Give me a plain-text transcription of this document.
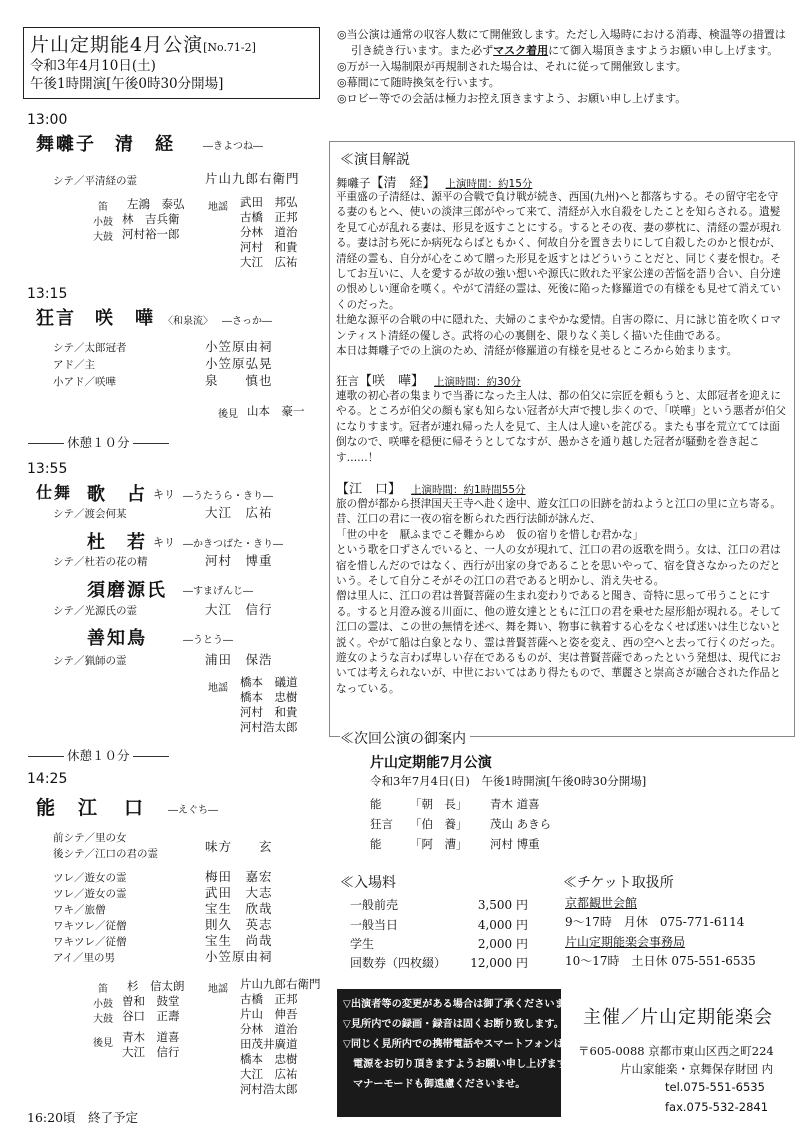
片山定期能4月公演[No.71-2]
令和3年4月10日(土)
午後1時開演[午後0時30分開場]
13:00
舞囃子 清　経	―きよつね―
シテ／平清経の霊	片山九郎右衛門
笛 左鴻　泰弘
小鼓 林　吉兵衛
大鼓 河村裕一郎
地謡 武田　邦弘
古橋　正邦
分林　道治
河村　和貴
大江　広祐
13:15
狂言 咲　嘩 〈和泉流〉 ―さっか―
シテ／太郎冠者	小笠原由祠
アド／主	小笠原弘晃
小アド／咲嘩	泉　　慎也
後見 山本　豪一
休憩１０分
13:55
仕舞 歌　占 キリ ―うたうら・きり―
シテ／渡会何某	大江　広祐
杜　若 キリ ―かきつばた・きり―
シテ／杜若の花の精	河村　博重
須磨源氏 ―すまげんじ―
シテ／光源氏の霊	大江　信行
善知鳥	―うとう―
シテ／猟師の霊	浦田　保浩
地謡 橋本　礒道
橋本　忠樹
河村　和貴
河村浩太郎
休憩１０分
14:25
能 江　口 ―えぐち―
前シテ／里の女
後シテ／江口の君の霊	味方　　玄
ツレ／遊女の霊	梅田　嘉宏
ツレ／遊女の霊	武田　大志
ワキ／旅僧	宝生　欣哉
ワキツレ／従僧	則久　英志
ワキツレ／従僧	宝生　尚哉
アイ／里の男	小笠原由祠
笛 杉　信太朗
小鼓 曽和　鼓堂
大鼓 谷口　正壽
後見 青木　道喜
大江　信行
地謡 片山九郎右衛門
古橋　正邦
片山　伸吾
分林　道治
田茂井廣道
橋本　忠樹
大江　広祐
河村浩太郎
16:20頃　終了予定

◎当公演は通常の収容人数にて開催致します。ただし入場時における消毒、検温等の措置は

引き続き行います。また必ずマスク着用にて御入場頂きますようお願い申し上げます。

◎万が一入場制限が再規制された場合は、それに従って開催致します。

◎幕間にて随時換気を行います。

◎ロビー等での会話は極力お控え頂きますよう、お願い申し上げます。

≪演目解説
舞囃子【清　経】 上演時間：約15分

平重盛の子清経は、源平の合戦で負け戦が続き、西国(九州)へと都落ちする。その留守宅を守る妻のもとへ、使いの淡津三郎がやって来て、清経が入水自殺をしたことを知らされる。遺髪を見て心が乱れる妻は、形見を返すことにする。するとその夜、妻の夢枕に、清経の霊が現れる。妻は討ち死にか病死ならばともかく、何故自分を置き去りにして自殺したのかと恨むが、清経の霊も、自分が心をこめて贈った形見を返すとはどういうことだと、同じく妻を恨む。そしてお互いに、人を愛するが故の強い想いや源氏に敗れた平家公達の苦悩を語り合い、自分達の恨めしい運命を嘆く。やがて清経の霊は、死後に陥った修羅道での有様をも見せて消えていくのだった。

壮絶な源平の合戦の中に隠れた、夫婦のこまやかな愛情。自害の際に、月に詠じ笛を吹くロマンティスト清経の優しさ。武将の心の裏側を、限りなく美しく描いた佳曲である。

本日は舞囃子での上演のため、清経が修羅道の有様を見せるところから始まります。

狂言【咲　嘩】 上演時間：約30分

連歌の初心者の集まりで当番になった主人は、都の伯父に宗匠を頼もうと、太郎冠者を迎えにやる。ところが伯父の顔も家も知らない冠者が大声で捜し歩くので、「咲嘩」という悪者が伯父になりすます。冠者が連れ帰った人を見て、主人は人違いを詫びる。またも事を荒立てては面倒なので、咲嘩を穏便に帰そうとしてなすが、愚かさを通り越した冠者が騒動を巻き起こす……！

【江　口】 上演時間：約1時間55分

旅の僧が都から摂津国天王寺へ赴く途中、遊女江口の旧跡を訪ねようと江口の里に立ち寄る。昔、江口の君に一夜の宿を断られた西行法師が詠んだ、

「世の中を　厭ふまでこそ難からめ　仮の宿りを惜しむ君かな」

という歌を口ずさんでいると、一人の女が現れて、江口の君の返歌を問う。女は、江口の君は宿を惜しんだのではなく、西行が出家の身であることを思いやって、宿を貸さなかったのだという。そして自分こそがその江口の君であると明かし、消え失せる。

僧は里人に、江口の君は普賢菩薩の生まれ変わりであると聞き、奇特に思って弔うことにする。すると月澄み渡る川面に、他の遊女達とともに江口の君を乗せた屋形船が現れる。そして江口の霊は、この世の無情を述べ、舞を舞い、物事に執着する心をなくせば迷いは生じないと説く。やがて船は白象となり、霊は普賢菩薩へと姿を変え、西の空へと去って行くのだった。

遊女のような言わば卑しい存在であるものが、実は普賢菩薩であったという発想は、現代においては考えられないが、中世においてはあり得たもので、華麗さと崇高さが融合された作品となっている。

≪次回公演の御案内
片山定期能7月公演
令和3年7月4日(日)　 午後1時開演[午後0時30分開場]
能 「朝　長」 青木 道喜
狂言 「伯　養」 茂山 あきら
能 「阿　漕」 河村 博重
≪入場料
一般前売	3,500 円
一般当日	4,000 円
学生	2,000 円
回数券（四枚綴） 12,000 円
≪チケット取扱所
京都観世会館
9～17時　月休　075-771-6114
片山定期能楽会事務局
10～17時　土日休 075-551-6535

▽出演者等の変更がある場合は御了承くださいませ。

▽見所内での録画・録音は固くお断り致します。

▽同じく見所内での携帯電話やスマートフォンは、必ず

電源をお切り頂きますようお願い申し上げます。

マナーモードも御遠慮くださいませ。

主催／片山定期能楽会
〒605-0088 京都市東山区西之町224
片山家能楽・京舞保存財団 内
tel.075-551-6535
fax.075-532-2841
